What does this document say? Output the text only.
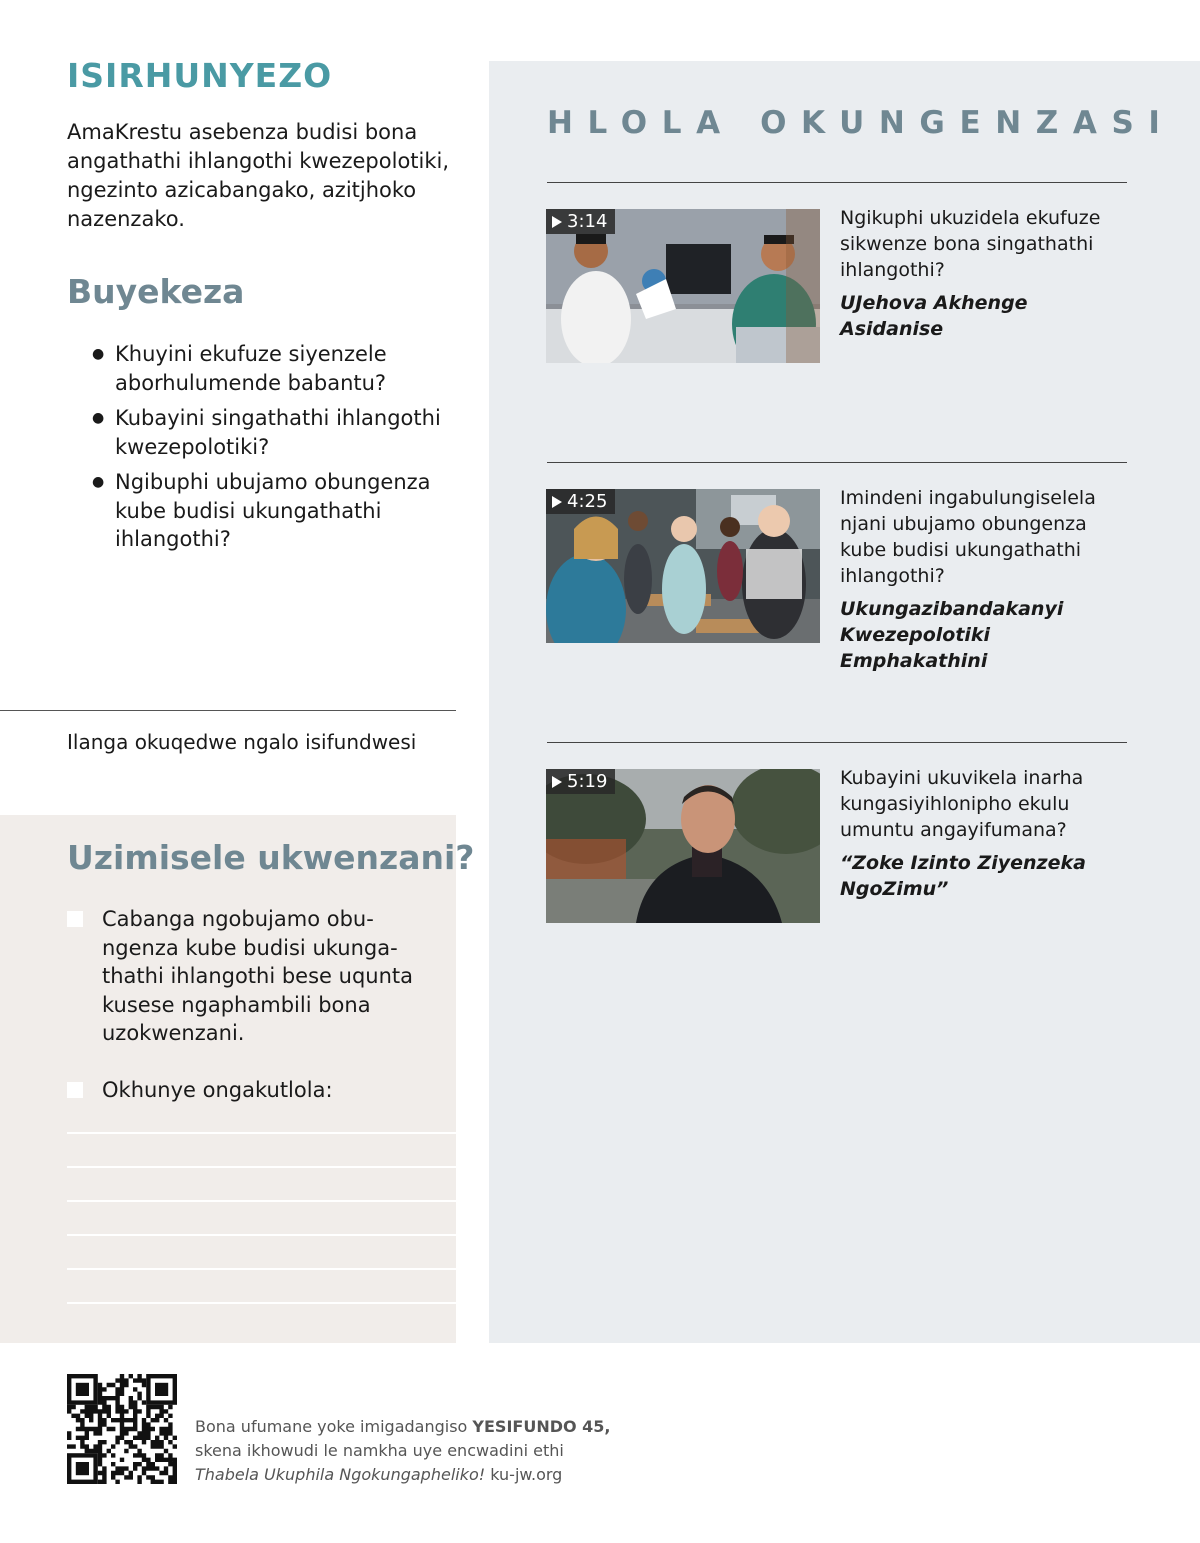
ISIRHUNYEZO

AmaKrestu asebenza budisi bona angathathi ihlangothi kwezepolotiki, ngezinto azicabangako, azitjhoko nazenzako.

Buyekeza
● Khuyini ekufuze siyenzele aborhulumende babantu?
● Kubayini singathathi ihlangothi kwezepolotiki?
● Ngibuphi ubujamo obungenza kube budisi ukungathathi ihlangothi?

Ilanga okuqedwe ngalo isifundwesi

Uzimisele ukwenzani?
Cabanga ngobujamo obu-ngenza kube budisi ukunga-thathi ihlangothi bese uqunta kusese ngaphambili bona uzokwenzani.
Okhunye ongakutlola:
HLOLA OKUNGENZASI
3:14	Ngikuphi ukuzidela ekufuze sikwenze bona singathathi ihlangothi?

UJehova Akhenge Asidanise

4:25	Imindeni ingabulungiselela njani ubujamo obungenza kube budisi ukungathathi ihlangothi?

Ukungazibandakanyi Kwezepolotiki Emphakathini

5:19	Kubayini ukuvikela inarha kungasiyihlonipho ekulu umuntu angayifumana?

“Zoke Izinto Ziyenzeka NgoZimu”

Bona ufumane yoke imigadangiso YESIFUNDO 45,
skena ikhowudi le namkha uye encwadini ethi
Thabela Ukuphila Ngokungapheliko! ku-jw.org
